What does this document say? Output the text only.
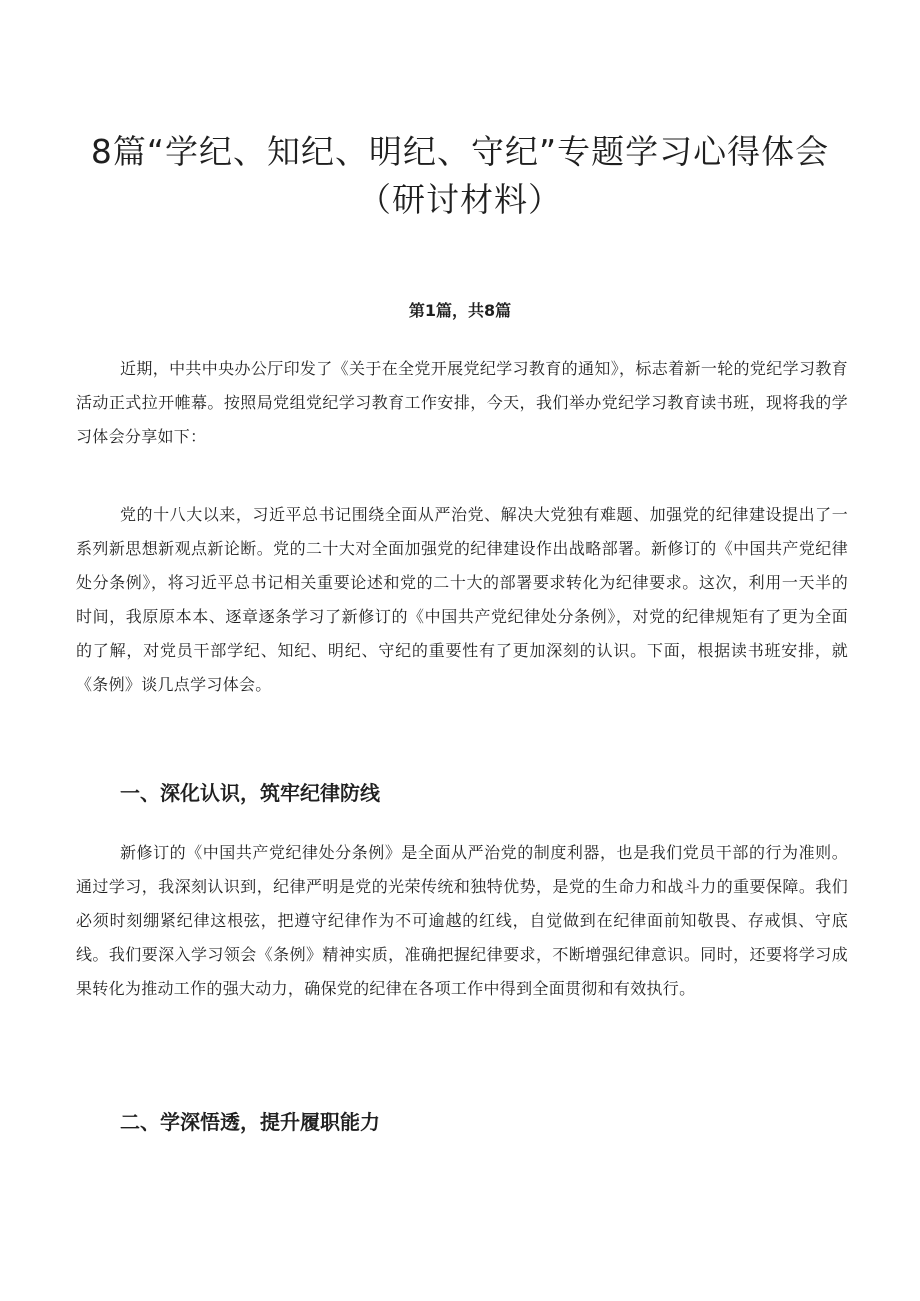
8篇“学纪、知纪、明纪、守纪”专题学习心得体会
（研讨材料）
第1篇，共8篇

近期，中共中央办公厅印发了《关于在全党开展党纪学习教育的通知》，标志着新一轮的党纪学习教育活动正式拉开帷幕。按照局党组党纪学习教育工作安排，今天，我们举办党纪学习教育读书班，现将我的学习体会分享如下：

党的十八大以来，习近平总书记围绕全面从严治党、解决大党独有难题、加强党的纪律建设提出了一系列新思想新观点新论断。党的二十大对全面加强党的纪律建设作出战略部署。新修订的《中国共产党纪律处分条例》，将习近平总书记相关重要论述和党的二十大的部署要求转化为纪律要求。这次，利用一天半的时间，我原原本本、逐章逐条学习了新修订的《中国共产党纪律处分条例》，对党的纪律规矩有了更为全面的了解，对党员干部学纪、知纪、明纪、守纪的重要性有了更加深刻的认识。下面，根据读书班安排，就《条例》谈几点学习体会。

一、深化认识，筑牢纪律防线

新修订的《中国共产党纪律处分条例》是全面从严治党的制度利器，也是我们党员干部的行为准则。通过学习，我深刻认识到，纪律严明是党的光荣传统和独特优势，是党的生命力和战斗力的重要保障。我们必须时刻绷紧纪律这根弦，把遵守纪律作为不可逾越的红线，自觉做到在纪律面前知敬畏、存戒惧、守底线。我们要深入学习领会《条例》精神实质，准确把握纪律要求，不断增强纪律意识。同时，还要将学习成果转化为推动工作的强大动力，确保党的纪律在各项工作中得到全面贯彻和有效执行。

二、学深悟透，提升履职能力
